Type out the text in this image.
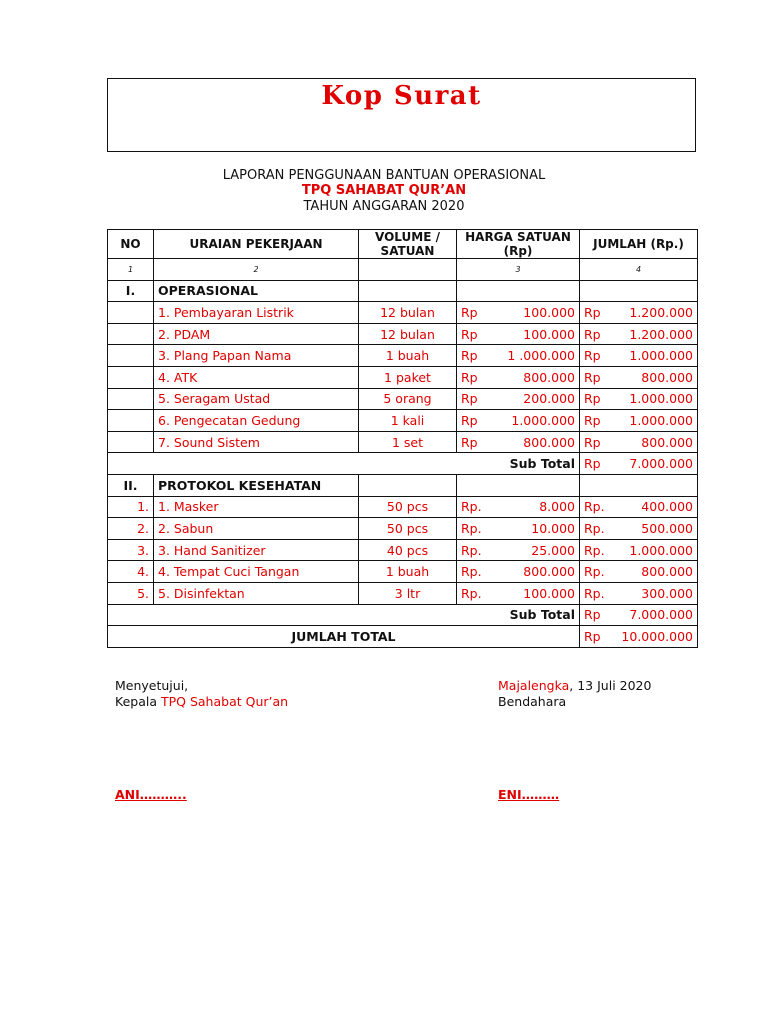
Kop Surat
LAPORAN PENGGUNAAN BANTUAN OPERASIONAL
TPQ SAHABAT QUR’AN
TAHUN ANGGARAN 2020
NO	URAIAN PEKERJAAN	VOLUME / SATUAN	HARGA SATUAN (Rp)	JUMLAH (Rp.)
1	2		3	4
I.	OPERASIONAL			
	1. Pembayaran Listrik	12 bulan	Rp 100.000	Rp 1.200.000

	2. PDAM	12 bulan	Rp 100.000	Rp 1.200.000

	3. Plang Papan Nama	1 buah	Rp 1 .000.000	Rp 1.000.000

	4. ATK	1 paket	Rp 800.000	Rp 800.000

	5. Seragam Ustad	5 orang	Rp 200.000	Rp 1.000.000

	6. Pengecatan Gedung	1 kali	Rp 1.000.000	Rp 1.000.000

	7. Sound Sistem	1 set	Rp 800.000	Rp 800.000

Sub Total				Rp 7.000.000

II.	PROTOKOL KESEHATAN			
1.	1. Masker	50 pcs	Rp. 8.000	Rp. 400.000

2.	2. Sabun	50 pcs	Rp. 10.000	Rp. 500.000

3.	3. Hand Sanitizer	40 pcs	Rp. 25.000	Rp. 1.000.000

4.	4. Tempat Cuci Tangan	1 buah	Rp. 800.000	Rp. 800.000

5.	5. Disinfektan	3 ltr	Rp. 100.000	Rp. 300.000

Sub Total				Rp 7.000.000

JUMLAH TOTAL				Rp 10.000.000
Menyetujui,
Kepala TPQ Sahabat Qur’an
Majalengka, 13 Juli 2020
Bendahara
ANI………..	ENI………
